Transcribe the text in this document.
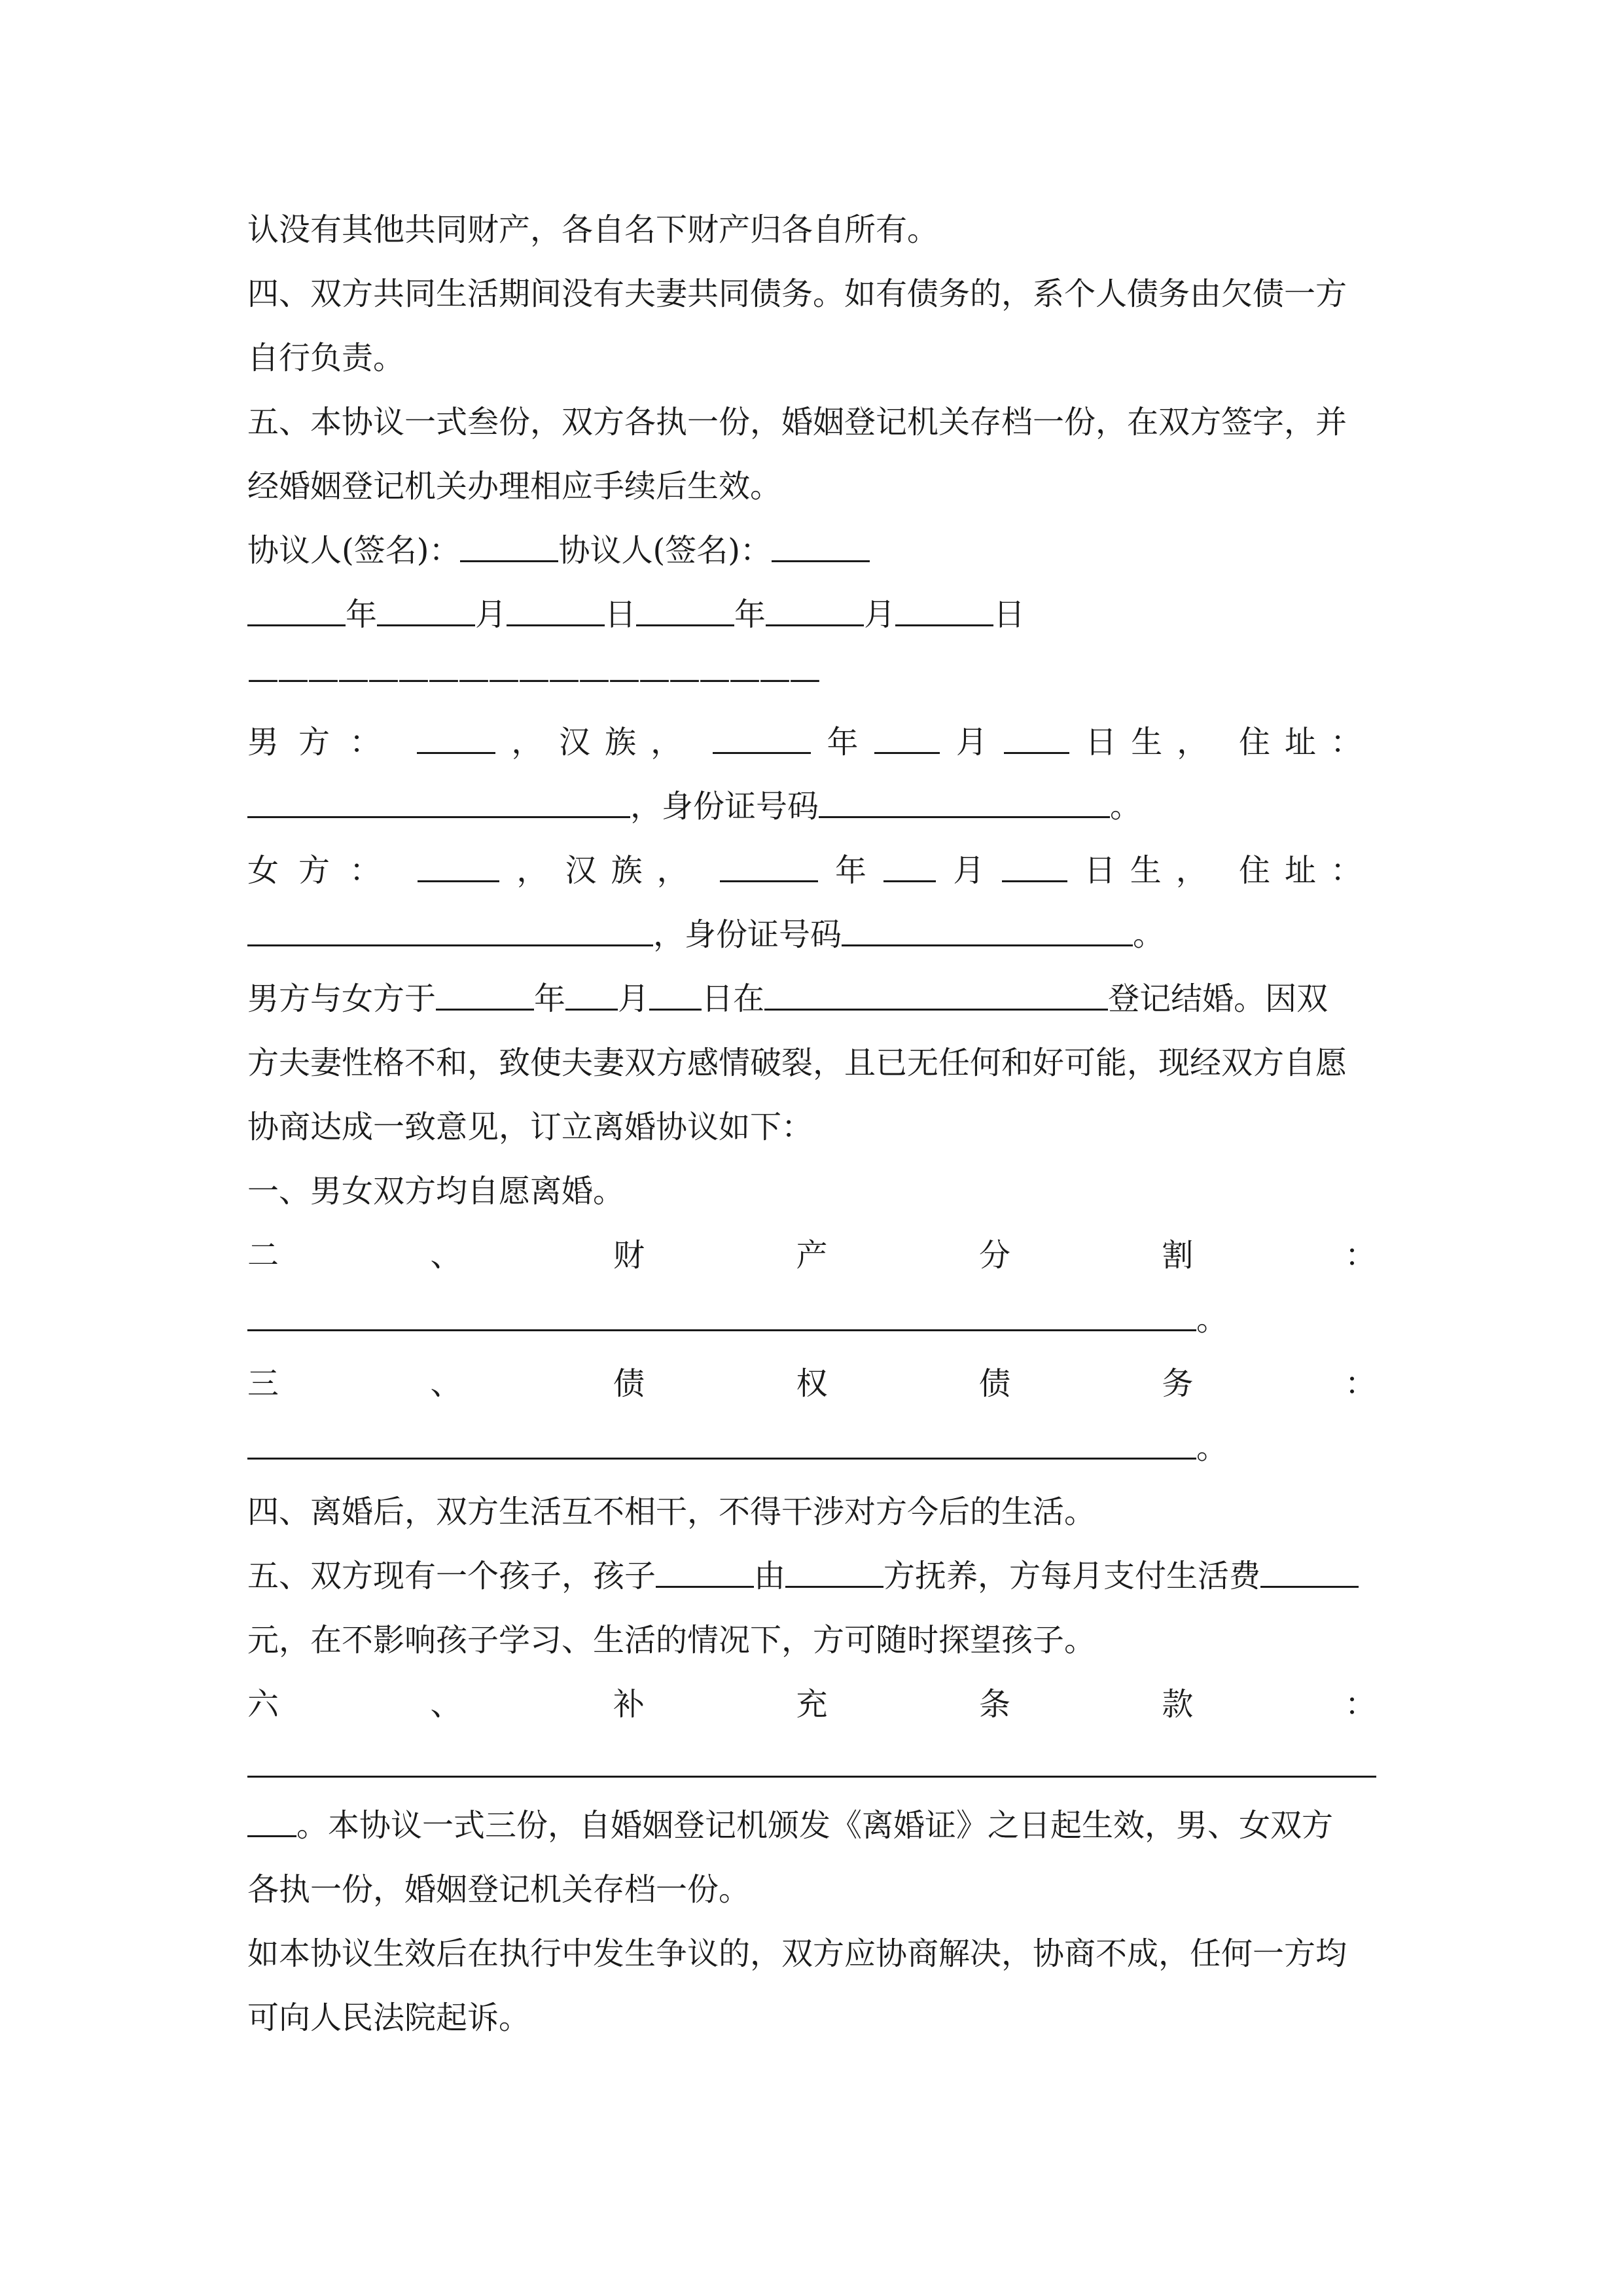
认没有其他共同财产，各自名下财产归各自所有。
四、双方共同生活期间没有夫妻共同债务。如有债务的，系个人债务由欠债一方
自行负责。
五、本协议一式叁份，双方各执一份，婚姻登记机关存档一份，在双方签字，并
经婚姻登记机关办理相应手续后生效。
协议人(签名)：	协议人(签名)：
年	月	日	年	月	日
———————————————————
男方：	， 汉族，	年	月	日生， 住址：
，身份证号码	。
女方：	， 汉族，	年	月	日生， 住址：
，身份证号码	。
男方与女方于	年 月 日在	登记结婚。因双
方夫妻性格不和，致使夫妻双方感情破裂，且已无任何和好可能，现经双方自愿
协商达成一致意见，订立离婚协议如下：
一、男女双方均自愿离婚。
二	、	财	产	分	割	：
。
三	、	债	权	债	务	：
。
四、离婚后，双方生活互不相干，不得干涉对方今后的生活。
五、双方现有一个孩子，孩子	由	方抚养，方每月支付生活费
元，在不影响孩子学习、生活的情况下，方可随时探望孩子。
六	、	补	充	条	款	：
。本协议一式三份，自婚姻登记机颁发《离婚证》之日起生效，男、女双方
各执一份，婚姻登记机关存档一份。
如本协议生效后在执行中发生争议的，双方应协商解决，协商不成，任何一方均
可向人民法院起诉。
